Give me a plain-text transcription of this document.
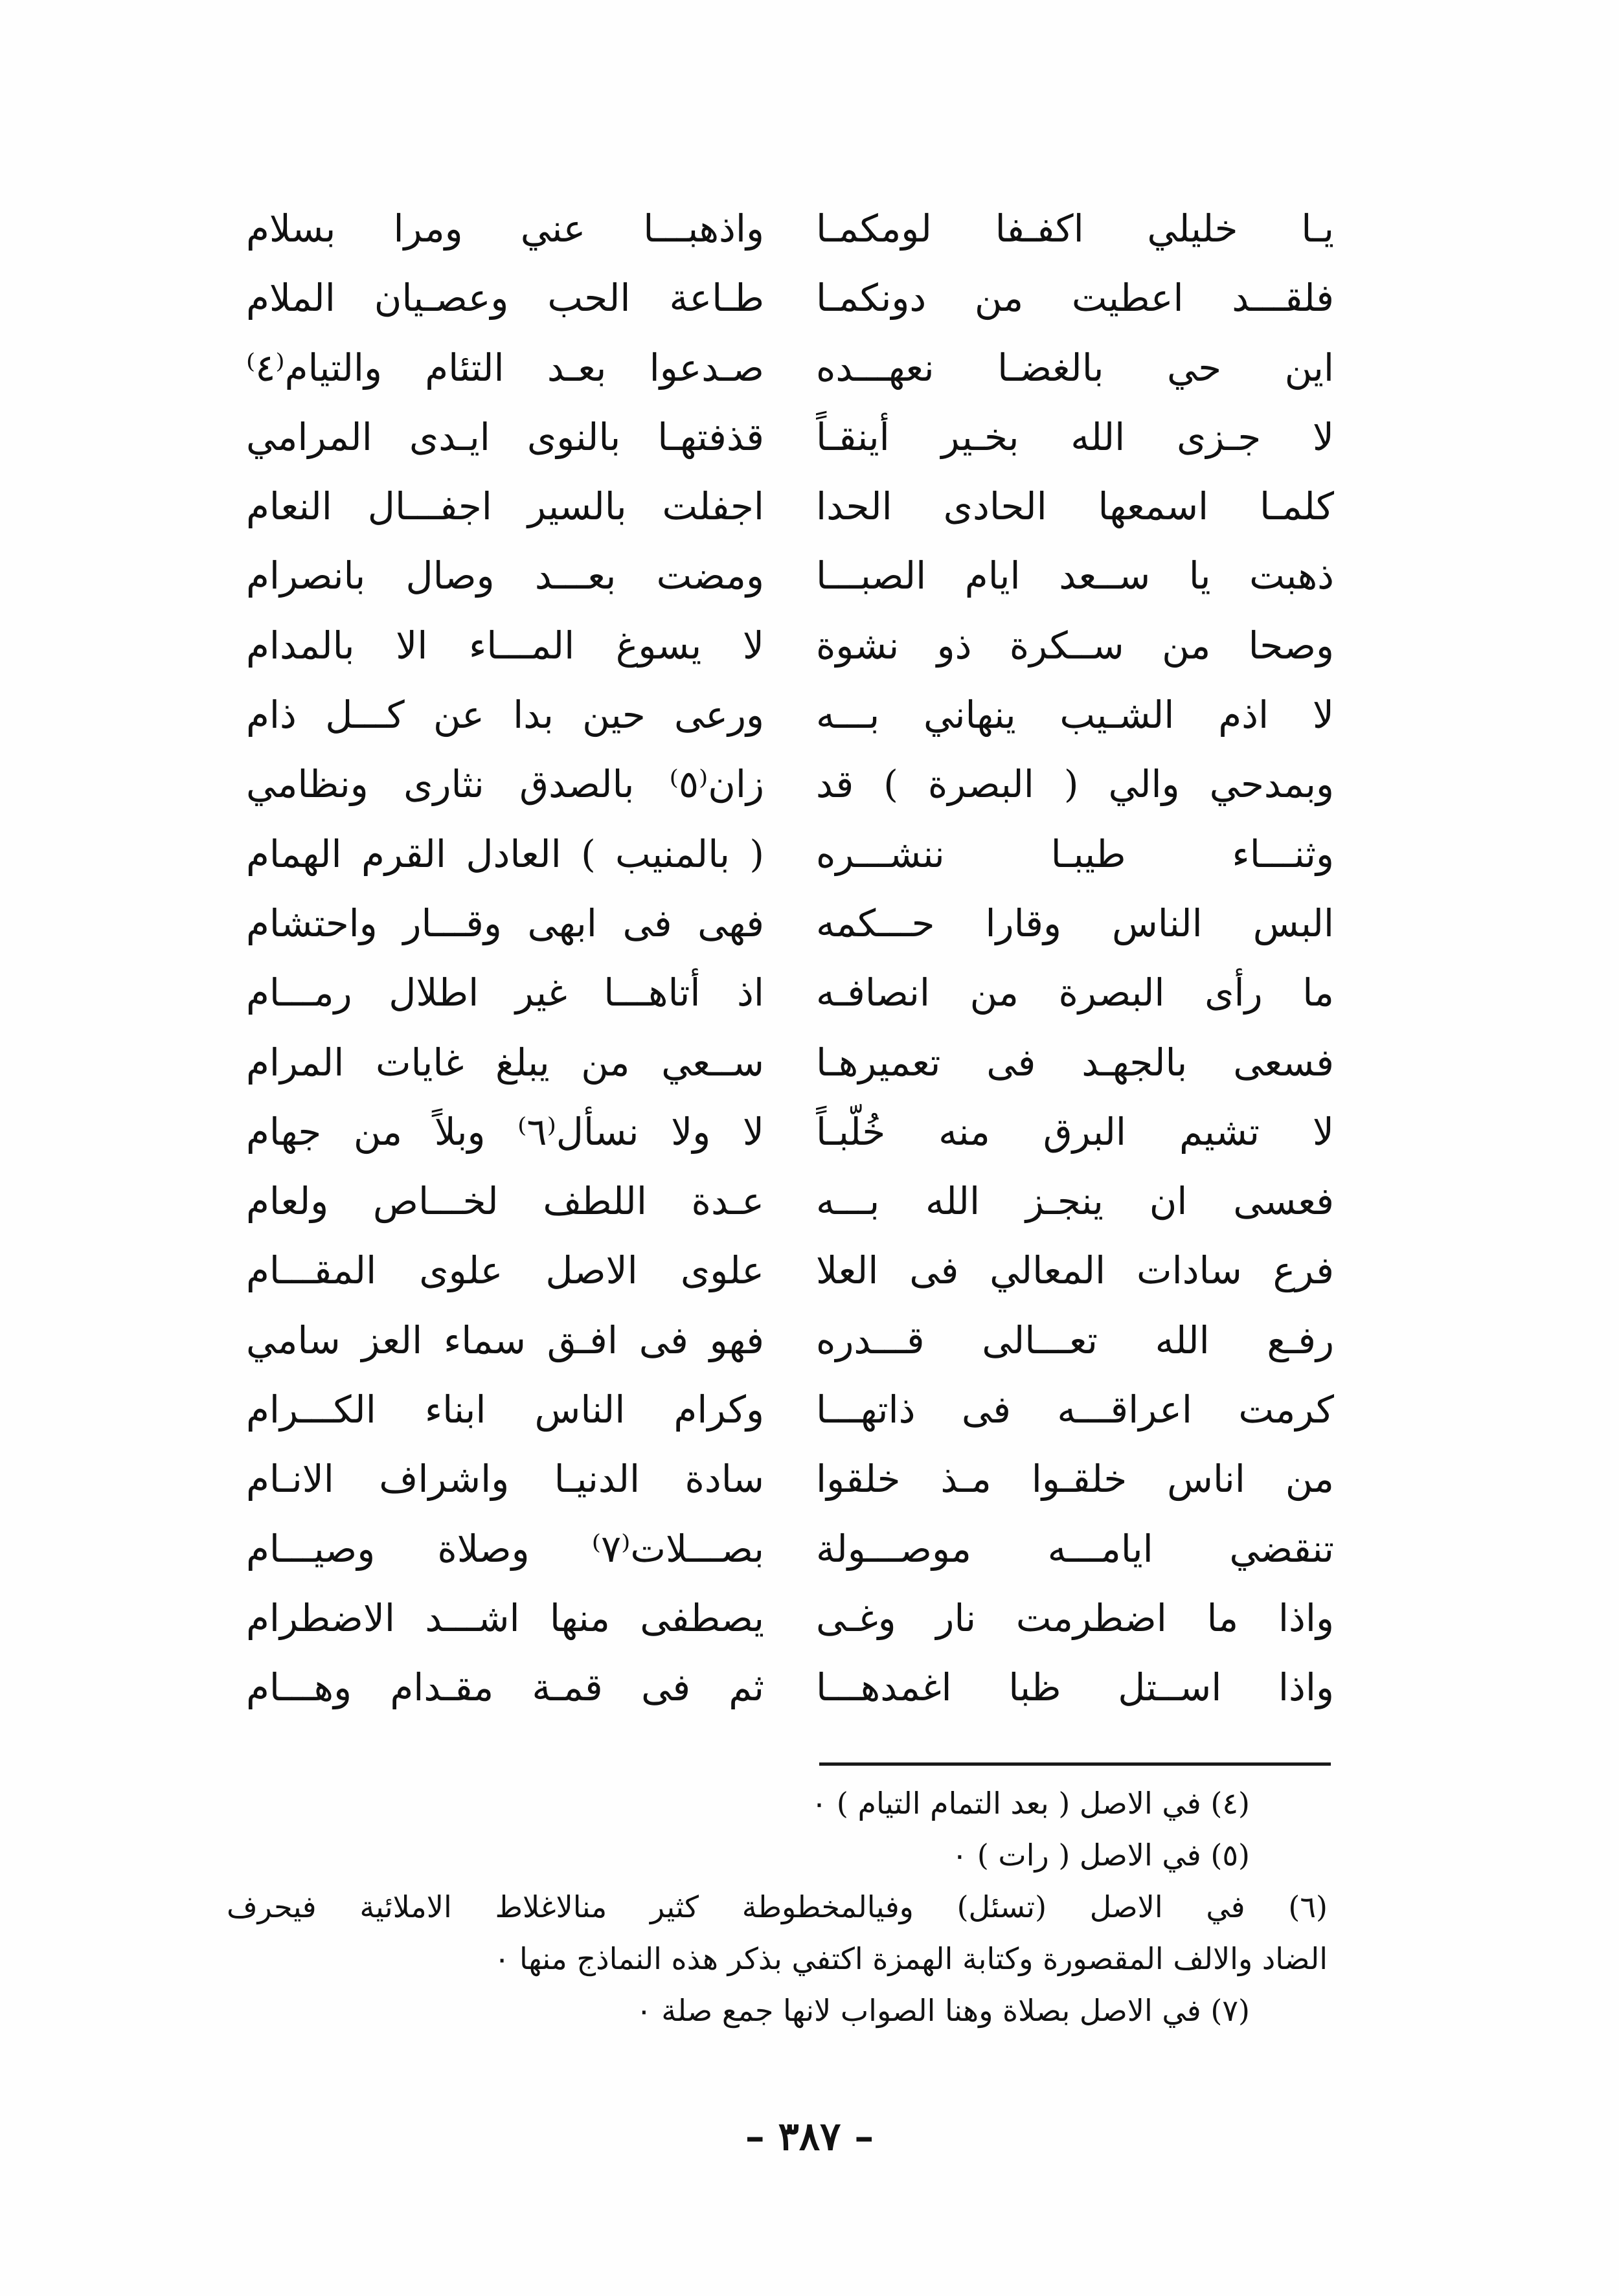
يـا خليلي اكفـفا لومكمـا
فلقـــد اعطيت من دونكمـا
اين حي بالغضـا نعهـــده
لا جـزى الله بخـير أينقـاً
كلمـا اسمعها الحادى الحدا
ذهبت يا ســعد ايام الصبـــا
وصحا من ســكرة ذو نشوة
لا اذم الشـيب ينهاني بـــه
وبمدحي والي ( البصرة ) قد
وثنـــاء طيبـا ننشـــره
البس الناس وقارا حـــكمه
ما رأى البصرة من انصافـه
فسعى بالجهـد فى تعميرهـا
لا تشيم البرق منه خُلّبـاً
فعسى ان ينجـز الله بـــه
فرع سادات المعالي فى العلا
رفـع الله تعـــالى قـــدره
كرمت اعراقـــه فى ذاتهـــا
من اناس خلقـوا مـذ خلقوا
تنقضي ايامـــه موصـــولة
واذا ما اضطرمت نار وغـى
واذا اســتل ظبا اغمدهـــا
واذهبـــا عني ومرا بسلام
طـاعة الحب وعصـيان الملام
صـدعوا بعـد التئام والتيام⁽٤⁾
قذفتهـا بالنوى ايـدى المرامي
اجفلت بالسير اجفـــال النعام
ومضت بعـــد وصال بانصرام
لا يسوغ المـــاء الا بالمدام
ورعى حين بدا عن كـــل ذام
زان⁽٥⁾ بالصدق نثارى ونظامي
( بالمنيب ) العادل القرم الهمام
فهى فى ابهى وقـــار واحتشام
اذ أتاهـــا غير اطلال رمـــام
ســعي من يبلغ غايات المرام
لا ولا نسأل⁽٦⁾ وبلاً من جهام
عـدة اللطف لخـــاص ولعام
علوى الاصل علوى المقـــام
فهو فى افـق سماء العز سامي
وكرام الناس ابناء الكـــرام
سادة الدنيـا واشراف الانـام
بصـــلات⁽٧⁾ وصلاة وصيـــام
يصطفى منها اشـــد الاضطرام
ثم فى قمـة مقـدام وهـــام
(٤) في الاصل ( بعد التمام التيام ) ٠
(٥) في الاصل ( رات ) ٠
(٦) في الاصل (تسئل) وفيالمخطوطة كثير منالاغلاط الاملائية فيحرف
الضاد والالف المقصورة وكتابة الهمزة اكتفي بذكر هذه النماذج منها ٠
(٧) في الاصل بصلاة وهنا الصواب لانها جمع صلة ٠
– ٣٨٧ –
